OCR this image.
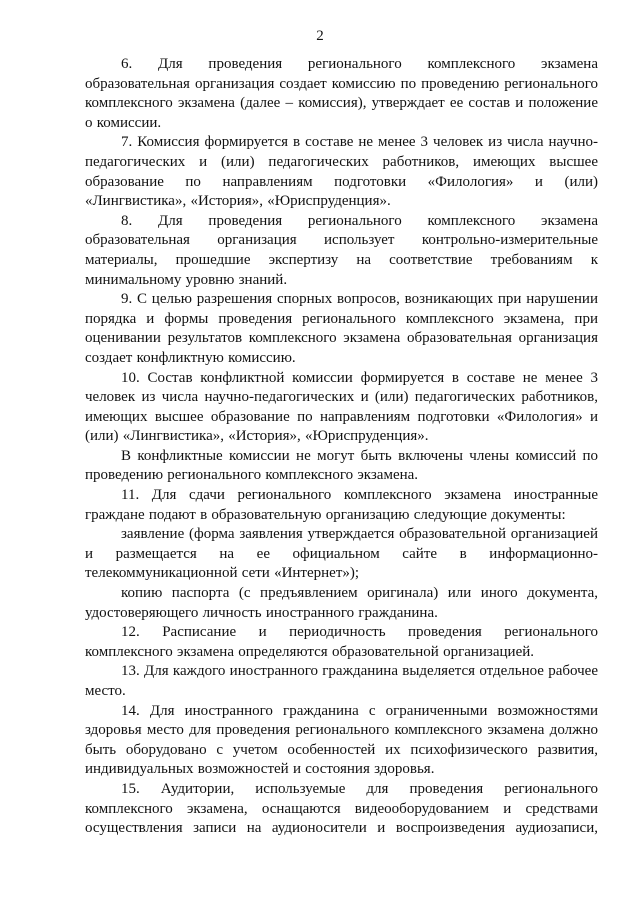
2

6. Для проведения регионального комплексного экзамена образовательная организация создает комиссию по проведению регионального комплексного экзамена (далее – комиссия), утверждает ее состав и положение о комиссии.

7. Комиссия формируется в составе не менее 3 человек из числа научно-педагогических и (или) педагогических работников, имеющих высшее образование по направлениям подготовки «Филология» и (или) «Лингвистика», «История», «Юриспруденция».

8. Для проведения регионального комплексного экзамена образовательная организация использует контрольно-измерительные материалы, прошедшие экспертизу на соответствие требованиям к минимальному уровню знаний.

9. С целью разрешения спорных вопросов, возникающих при нарушении порядка и формы проведения регионального комплексного экзамена, при оценивании результатов комплексного экзамена образовательная организация создает конфликтную комиссию.

10. Состав конфликтной комиссии формируется в составе не менее 3 человек из числа научно-педагогических и (или) педагогических работников, имеющих высшее образование по направлениям подготовки «Филология» и (или) «Лингвистика», «История», «Юриспруденция».

В конфликтные комиссии не могут быть включены члены комиссий по проведению регионального комплексного экзамена.

11. Для сдачи регионального комплексного экзамена иностранные граждане подают в образовательную организацию следующие документы:

заявление (форма заявления утверждается образовательной организацией и размещается на ее официальном сайте в информационно-телекоммуникационной сети «Интернет»);

копию паспорта (с предъявлением оригинала) или иного документа, удостоверяющего личность иностранного гражданина.

12. Расписание и периодичность проведения регионального комплексного экзамена определяются образовательной организацией.

13. Для каждого иностранного гражданина выделяется отдельное рабочее место.

14. Для иностранного гражданина с ограниченными возможностями здоровья место для проведения регионального комплексного экзамена должно быть оборудовано с учетом особенностей их психофизического развития, индивидуальных возможностей и состояния здоровья.

15. Аудитории, используемые для проведения регионального комплексного экзамена, оснащаются видеооборудованием и средствами осуществления записи на аудионосители и воспроизведения аудиозаписи,
